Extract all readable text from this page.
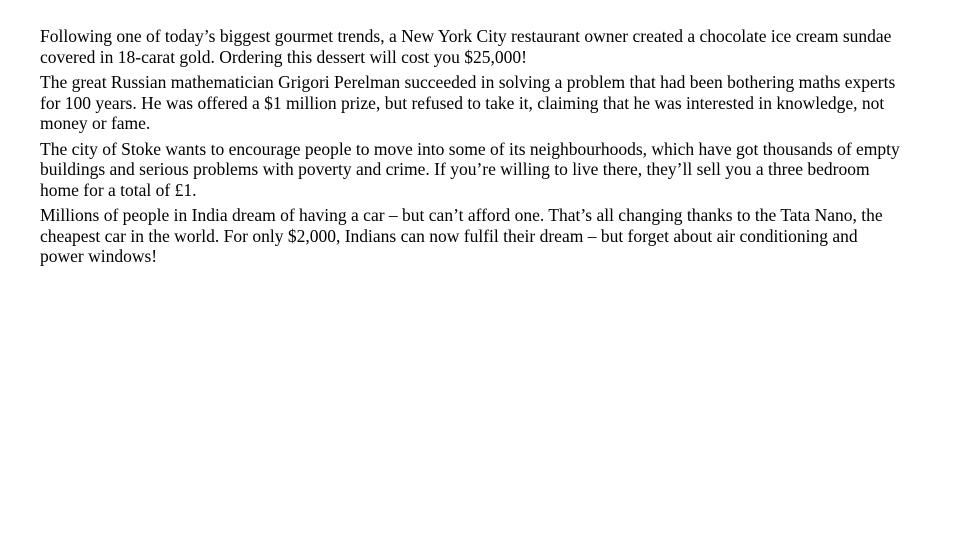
Following one of today’s biggest gourmet trends, a New York City restaurant owner created a chocolate ice cream sundae covered in 18-carat gold. Ordering this dessert will cost you $25,000!

The great Russian mathematician Grigori Perelman succeeded in solving a problem that had been bothering maths experts for 100 years. He was offered a $1 million prize, but refused to take it, claiming that he was interested in knowledge, not money or fame.

The city of Stoke wants to encourage people to move into some of its neighbourhoods, which have got thousands of empty buildings and serious problems with poverty and crime. If you’re willing to live there, they’ll sell you a three bedroom home for a total of £1.

Millions of people in India dream of having a car – but can’t afford one. That’s all changing thanks to the Tata Nano, the cheapest car in the world. For only $2,000, Indians can now fulfil their dream – but forget about air conditioning and power windows!
